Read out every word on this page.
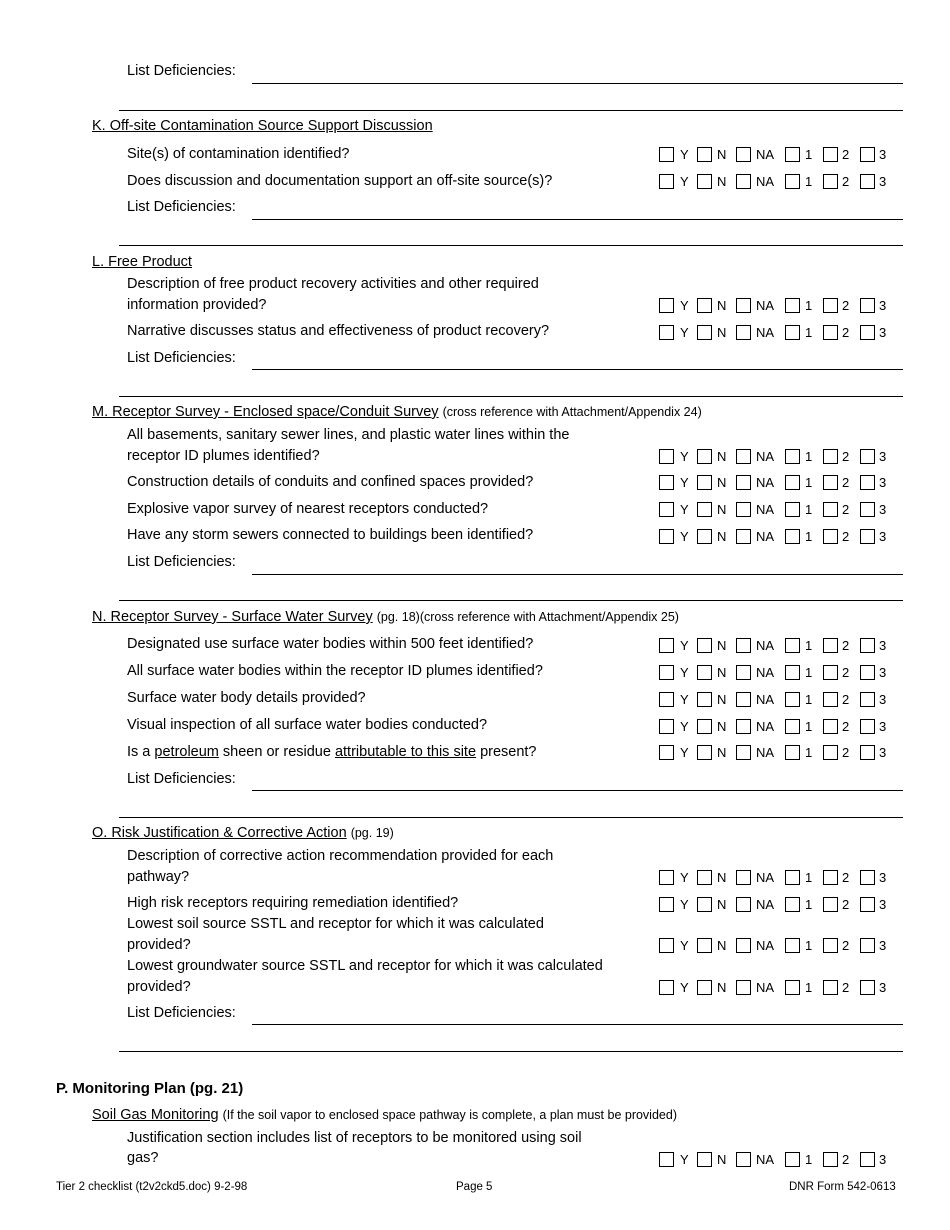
List Deficiencies:
K. Off-site Contamination Source Support Discussion
Site(s) of contamination identified?	Y N NA 1 2 3
Does discussion and documentation support an off-site source(s)?	Y N NA 1 2 3
List Deficiencies:
L. Free Product
Description of free product recovery activities and other required
information provided?	Y N NA 1 2 3
Narrative discusses status and effectiveness of product recovery?	Y N NA 1 2 3
List Deficiencies:
M. Receptor Survey - Enclosed space/Conduit Survey (cross reference with Attachment/Appendix 24)
All basements, sanitary sewer lines, and plastic water lines within the
receptor ID plumes identified?	Y N NA 1 2 3
Construction details of conduits and confined spaces provided?	Y N NA 1 2 3
Explosive vapor survey of nearest receptors conducted?	Y N NA 1 2 3
Have any storm sewers connected to buildings been identified?	Y N NA 1 2 3
List Deficiencies:
N. Receptor Survey - Surface Water Survey (pg. 18)(cross reference with Attachment/Appendix 25)
Designated use surface water bodies within 500 feet identified?	Y N NA 1 2 3
All surface water bodies within the receptor ID plumes identified?	Y N NA 1 2 3
Surface water body details provided?	Y N NA 1 2 3
Visual inspection of all surface water bodies conducted?	Y N NA 1 2 3
Is a petroleum sheen or residue attributable to this site present?	Y N NA 1 2 3
List Deficiencies:
O. Risk Justification & Corrective Action (pg. 19)
Description of corrective action recommendation provided for each
pathway?	Y N NA 1 2 3
High risk receptors requiring remediation identified?	Y N NA 1 2 3
Lowest soil source SSTL and receptor for which it was calculated
provided?	Y N NA 1 2 3
Lowest groundwater source SSTL and receptor for which it was calculated
provided?	Y N NA 1 2 3
List Deficiencies:
P. Monitoring Plan (pg. 21)
Soil Gas Monitoring (If the soil vapor to enclosed space pathway is complete, a plan must be provided)
Justification section includes list of receptors to be monitored using soil
gas?	Y N NA 1 2 3
Tier 2 checklist (t2v2ckd5.doc) 9-2-98	Page 5	DNR Form 542-0613
